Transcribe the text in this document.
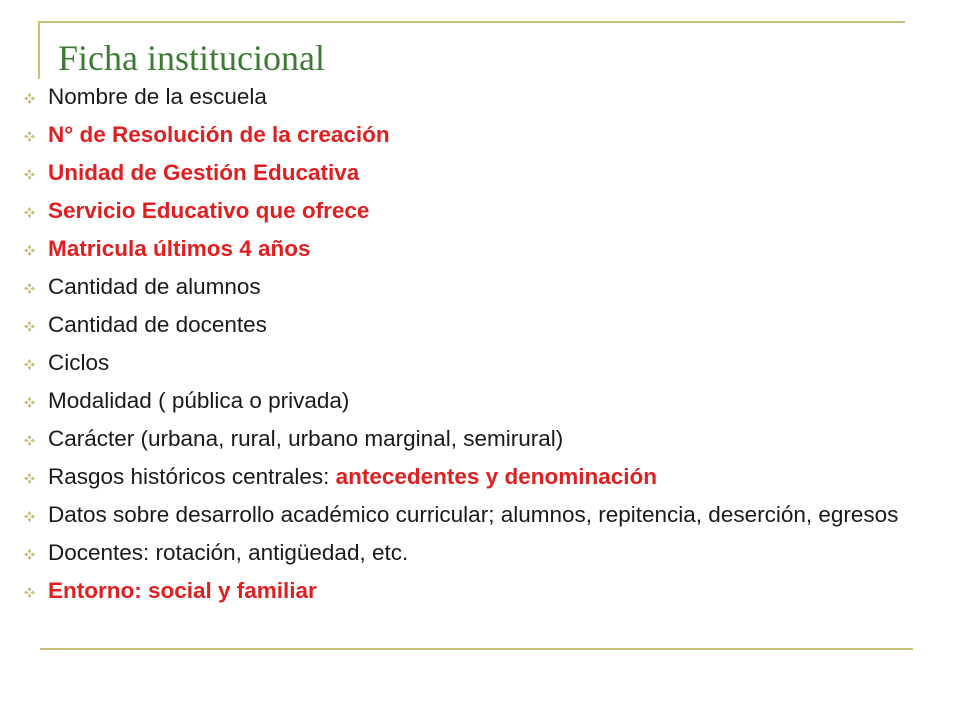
Ficha institucional
Nombre de la escuela
N° de Resolución de la creación
Unidad de Gestión Educativa
Servicio Educativo que ofrece
Matricula últimos 4 años
Cantidad de alumnos
Cantidad de docentes
Ciclos
Modalidad ( pública o privada)
Carácter (urbana, rural, urbano marginal, semirural)
Rasgos históricos centrales: antecedentes y denominación
Datos sobre desarrollo académico curricular; alumnos, repitencia, deserción, egresos
Docentes: rotación, antigüedad, etc.
Entorno: social y familiar
